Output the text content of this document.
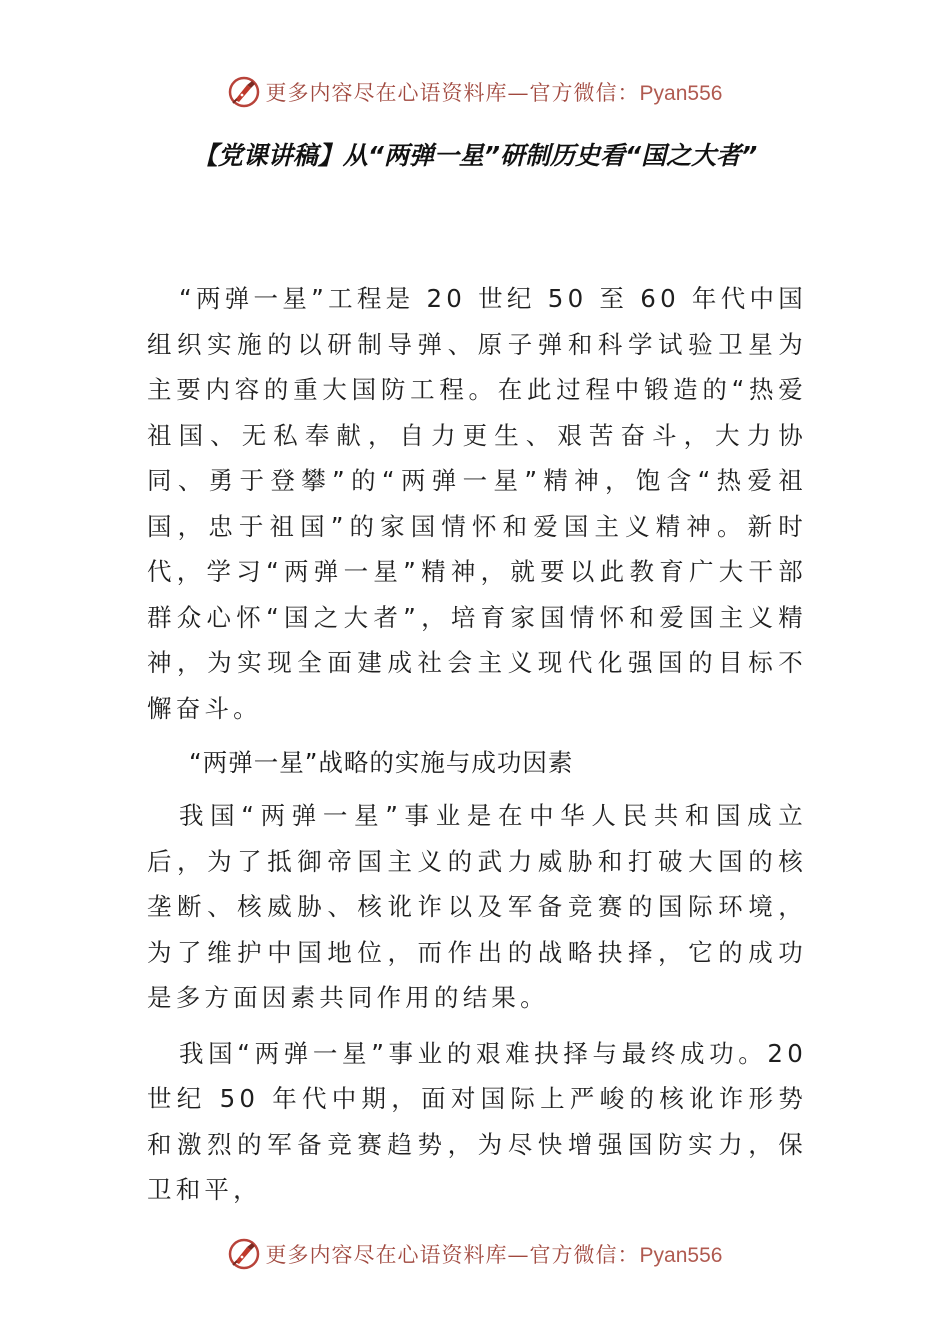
更多内容尽在心语资料库—官方微信：Pyan556
【党课讲稿】从“两弹一星”研制历史看“国之大者”

“两弹一星”工程是 20 世纪 50 至 60 年代中国组织实施的以研制导弹、原子弹和科学试验卫星为主要内容的重大国防工程。在此过程中锻造的“热爱祖国、无私奉献，自力更生、艰苦奋斗，大力协同、勇于登攀”的“两弹一星”精神，饱含“热爱祖国，忠于祖国”的家国情怀和爱国主义精神。新时代，学习“两弹一星”精神，就要以此教育广大干部群众心怀“国之大者”，培育家国情怀和爱国主义精神，为实现全面建成社会主义现代化强国的目标不懈奋斗。

“两弹一星”战略的实施与成功因素

我国“两弹一星”事业是在中华人民共和国成立后，为了抵御帝国主义的武力威胁和打破大国的核垄断、核威胁、核讹诈以及军备竞赛的国际环境，为了维护中国地位，而作出的战略抉择，它的成功是多方面因素共同作用的结果。

我国“两弹一星”事业的艰难抉择与最终成功。20 世纪 50 年代中期，面对国际上严峻的核讹诈形势和激烈的军备竞赛趋势，为尽快增强国防实力，保卫和平，

更多内容尽在心语资料库—官方微信：Pyan556
